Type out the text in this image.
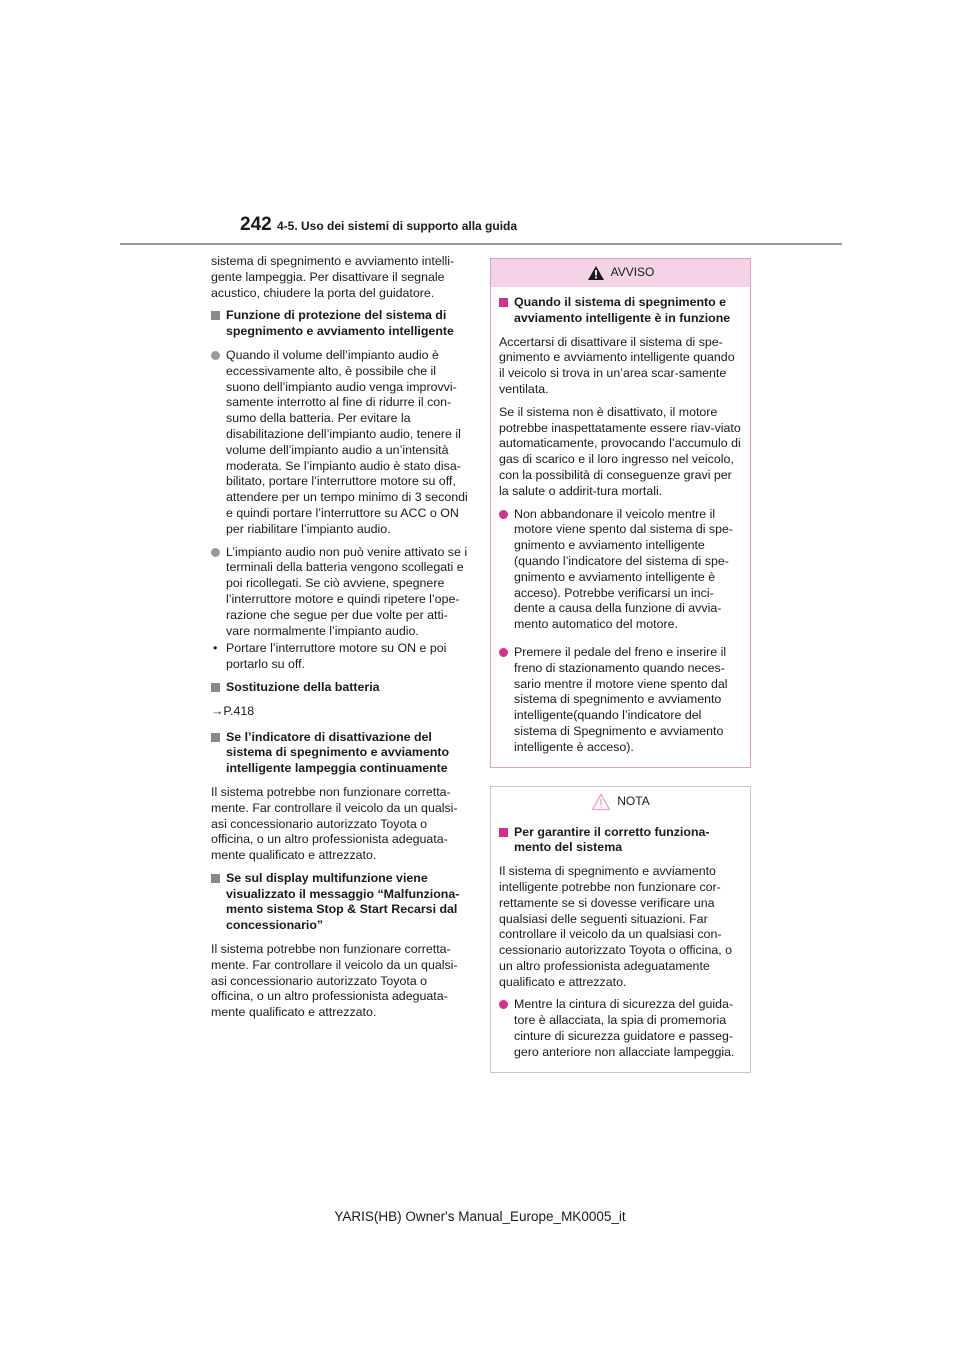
242 4-5. Uso dei sistemi di supporto alla guida

sistema di spegnimento e avviamento intelli-gente lampeggia. Per disattivare il segnale acustico, chiudere la porta del guidatore.

Funzione di protezione del sistema di spegnimento e avviamento intelligente
Quando il volume dell’impianto audio è eccessivamente alto, è possibile che il suono dell’impianto audio venga improvvi-samente interrotto al fine di ridurre il con-sumo della batteria. Per evitare la disabilitazione dell’impianto audio, tenere il volume dell’impianto audio a un’intensità moderata. Se l’impianto audio è stato disa-bilitato, portare l’interruttore motore su off, attendere per un tempo minimo di 3 secondi e quindi portare l’interruttore su ACC o ON per riabilitare l’impianto audio.
L’impianto audio non può venire attivato se i terminali della batteria vengono scollegati e poi ricollegati. Se ciò avviene, spegnere l’interruttore motore e quindi ripetere l’ope-razione che segue per due volte per atti-vare normalmente l’impianto audio.
• Portare l’interruttore motore su ON e poi portarlo su off.
Sostituzione della batteria
→P.418
Se l’indicatore di disattivazione del sistema di spegnimento e avviamento intelligente lampeggia continuamente

Il sistema potrebbe non funzionare corretta-mente. Far controllare il veicolo da un qualsi-asi concessionario autorizzato Toyota o officina, o un altro professionista adeguata-mente qualificato e attrezzato.

Se sul display multifunzione viene visualizzato il messaggio “Malfunziona-mento sistema Stop & Start Recarsi dal concessionario”

Il sistema potrebbe non funzionare corretta-mente. Far controllare il veicolo da un qualsi-asi concessionario autorizzato Toyota o officina, o un altro professionista adeguata-mente qualificato e attrezzato.

AVVISO
Quando il sistema di spegnimento e avviamento intelligente è in funzione

Accertarsi di disattivare il sistema di spe-gnimento e avviamento intelligente quando il veicolo si trova in un’area scar-samente ventilata.

Se il sistema non è disattivato, il motore potrebbe inaspettatamente essere riav-viato automaticamente, provocando l’accumulo di gas di scarico e il loro ingresso nel veicolo, con la possibilità di conseguenze gravi per la salute o addirit-tura mortali.

Non abbandonare il veicolo mentre il motore viene spento dal sistema di spe-gnimento e avviamento intelligente (quando l’indicatore del sistema di spe-gnimento e avviamento intelligente è acceso). Potrebbe verificarsi un inci-dente a causa della funzione di avvia-mento automatico del motore.
Premere il pedale del freno e inserire il freno di stazionamento quando neces-sario mentre il motore viene spento dal sistema di spegnimento e avviamento intelligente(quando l’indicatore del sistema di Spegnimento e avviamento intelligente è acceso).
NOTA
Per garantire il corretto funziona-mento del sistema

Il sistema di spegnimento e avviamento intelligente potrebbe non funzionare cor-rettamente se si dovesse verificare una qualsiasi delle seguenti situazioni. Far controllare il veicolo da un qualsiasi con-cessionario autorizzato Toyota o officina, o un altro professionista adeguatamente qualificato e attrezzato.

Mentre la cintura di sicurezza del guida-tore è allacciata, la spia di promemoria cinture di sicurezza guidatore e passeg-gero anteriore non allacciate lampeggia.
YARIS(HB) Owner's Manual_Europe_MK0005_it
